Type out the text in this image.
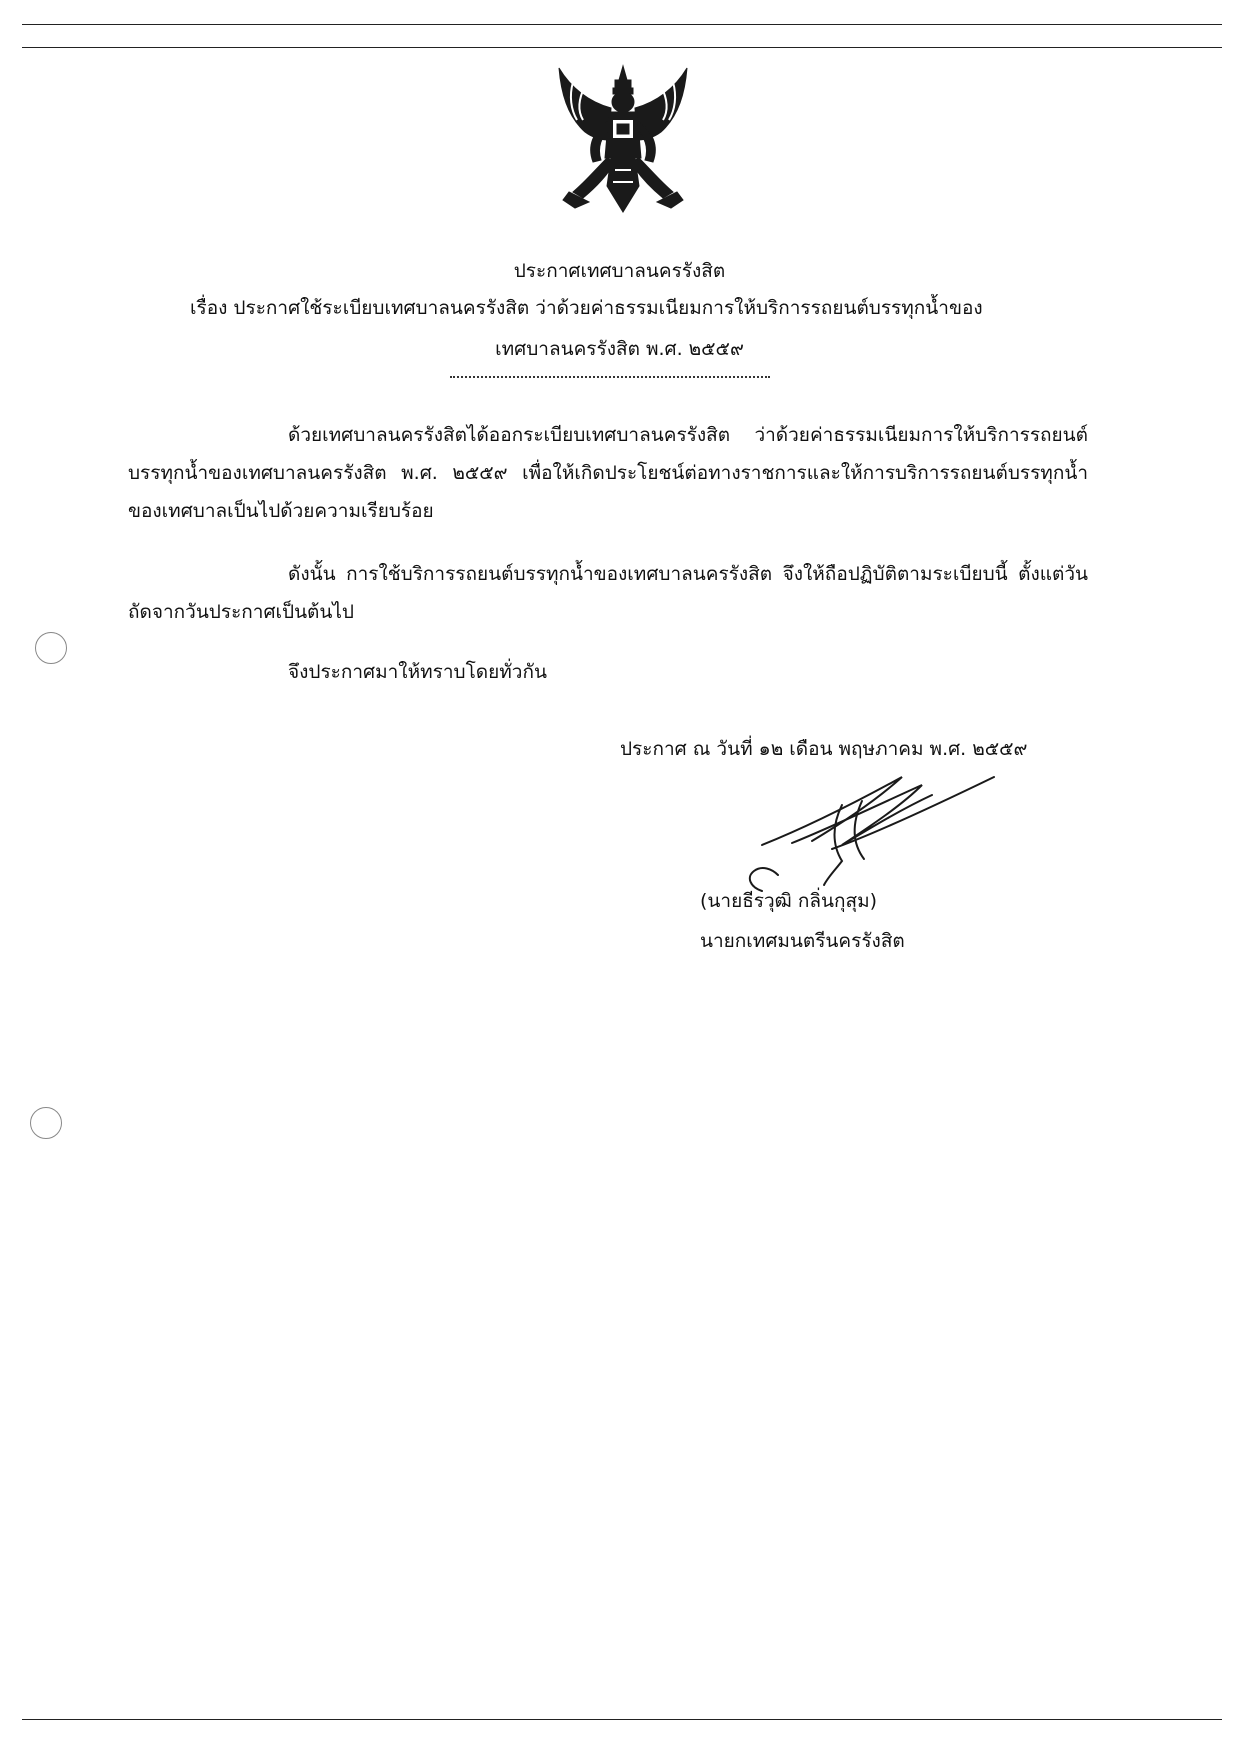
ประกาศเทศบาลนครรังสิต
เรื่อง ประกาศใช้ระเบียบเทศบาลนครรังสิต ว่าด้วยค่าธรรมเนียมการให้บริการรถยนต์บรรทุกน้ำของ
เทศบาลนครรังสิต พ.ศ. ๒๕๕๙
ด้วยเทศบาลนครรังสิตได้ออกระเบียบเทศบาลนครรังสิต ว่าด้วยค่าธรรมเนียมการให้บริการรถยนต์บรรทุกน้ำของเทศบาลนครรังสิต พ.ศ. ๒๕๕๙ เพื่อให้เกิดประโยชน์ต่อทางราชการและให้การบริการรถยนต์บรรทุกน้ำของเทศบาลเป็นไปด้วยความเรียบร้อย
ดังนั้น การใช้บริการรถยนต์บรรทุกน้ำของเทศบาลนครรังสิต จึงให้ถือปฏิบัติตามระเบียบนี้ ตั้งแต่วันถัดจากวันประกาศเป็นต้นไป
จึงประกาศมาให้ทราบโดยทั่วกัน
ประกาศ ณ วันที่ ๑๒ เดือน พฤษภาคม พ.ศ. ๒๕๕๙
(นายธีรวุฒิ กลิ่นกุสุม)
นายกเทศมนตรีนครรังสิต
